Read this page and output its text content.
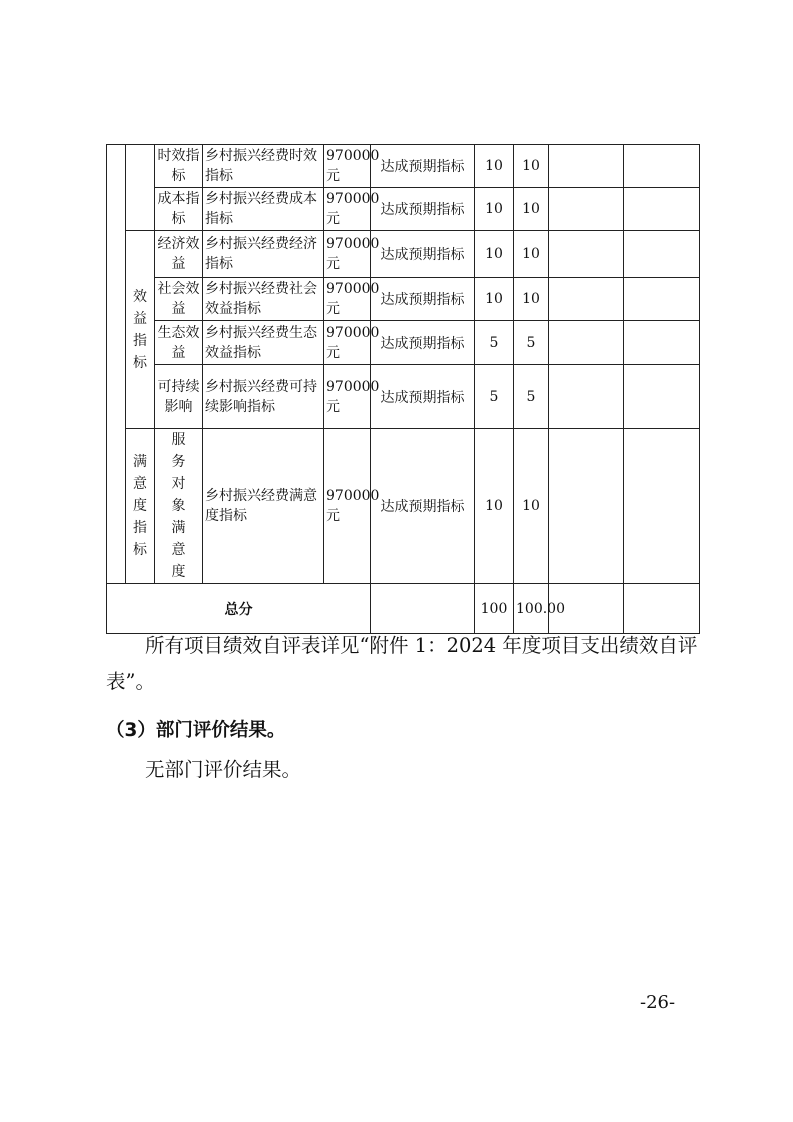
		时效指标	乡村振兴经费时效指标	970000元	达成预期指标	10	10		
		成本指标	乡村振兴经费成本指标	970000元	达成预期指标	10	10		
	效益指标	经济效益	乡村振兴经费经济指标	970000元	达成预期指标	10	10		
		社会效益	乡村振兴经费社会效益指标	970000元	达成预期指标	10	10		
		生态效益	乡村振兴经费生态效益指标	970000元	达成预期指标	5	5		
		可持续影响	乡村振兴经费可持续影响指标	970000元	达成预期指标	5	5		
	满意度指标	服务对象满意度	乡村振兴经费满意度指标	970000元	达成预期指标	10	10		
总分						100	100.00		
所有项目绩效自评表详见“附件 1：2024 年度项目支出绩效自评表”。
（3）部门评价结果。
无部门评价结果。
-26-
